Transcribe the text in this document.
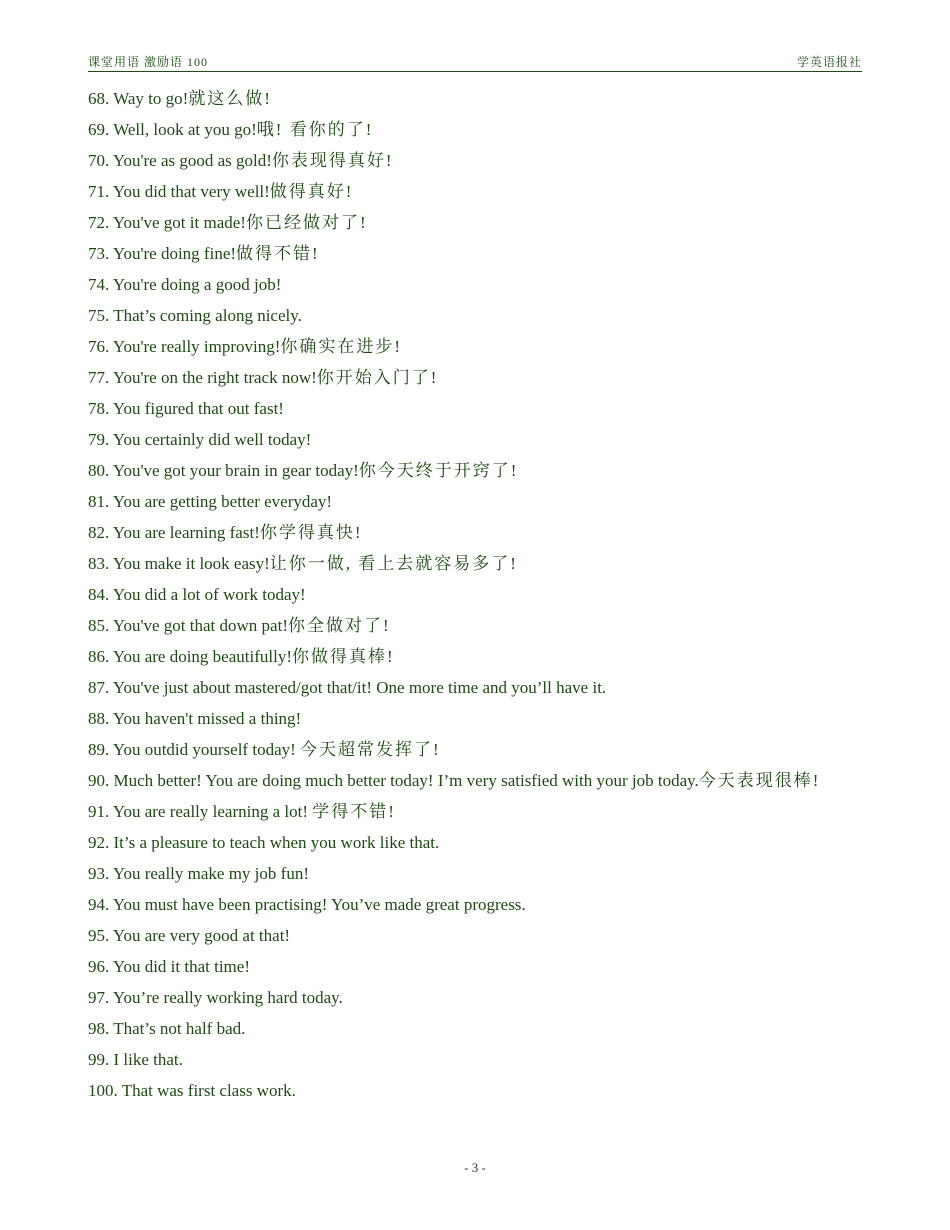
课堂用语 激励语 100	学英语报社
68. Way to go!就这么做!
69. Well, look at you go!哦! 看你的了!
70. You're as good as gold!你表现得真好!
71. You did that very well!做得真好!
72. You've got it made!你已经做对了!
73. You're doing fine!做得不错!
74. You're doing a good job!
75. That’s coming along nicely.
76. You're really improving!你确实在进步!
77. You're on the right track now!你开始入门了!
78. You figured that out fast!
79. You certainly did well today!
80. You've got your brain in gear today!你今天终于开窍了!
81. You are getting better everyday!
82. You are learning fast!你学得真快!
83. You make it look easy!让你一做, 看上去就容易多了!
84. You did a lot of work today!
85. You've got that down pat!你全做对了!
86. You are doing beautifully!你做得真棒!
87. You've just about mastered/got that/it! One more time and you’ll have it.
88. You haven't missed a thing!
89. You outdid yourself today! 今天超常发挥了!
90. Much better! You are doing much better today! I’m very satisfied with your job today.今天表现很棒!
91. You are really learning a lot! 学得不错!
92. It’s a pleasure to teach when you work like that.
93. You really make my job fun!
94. You must have been practising! You’ve made great progress.
95. You are very good at that!
96. You did it that time!
97. You’re really working hard today.
98. That’s not half bad.
99. I like that.
100. That was first class work.
- 3 -
